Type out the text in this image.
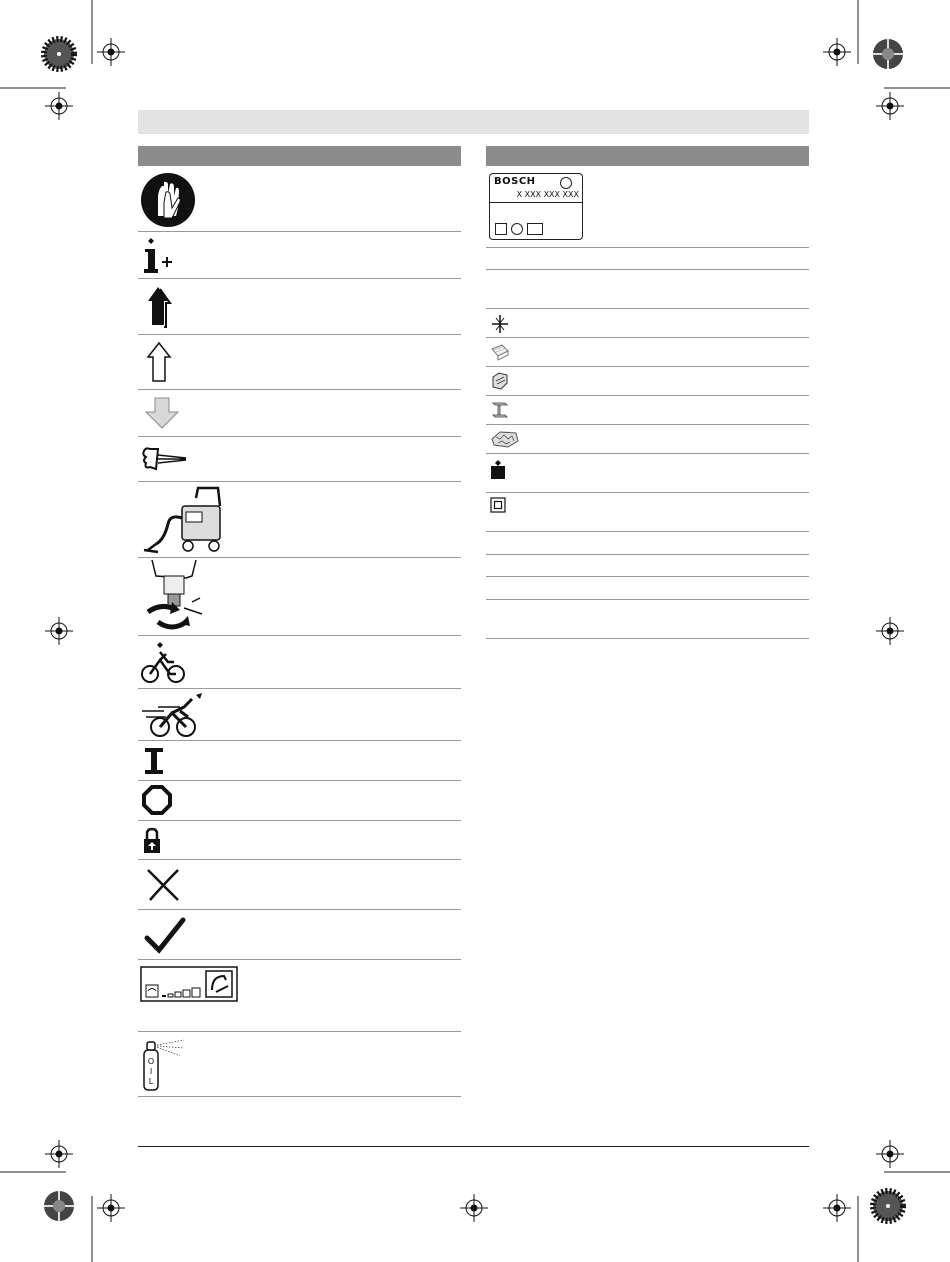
O
I
L
BOSCH
X XXX XXX XXX
